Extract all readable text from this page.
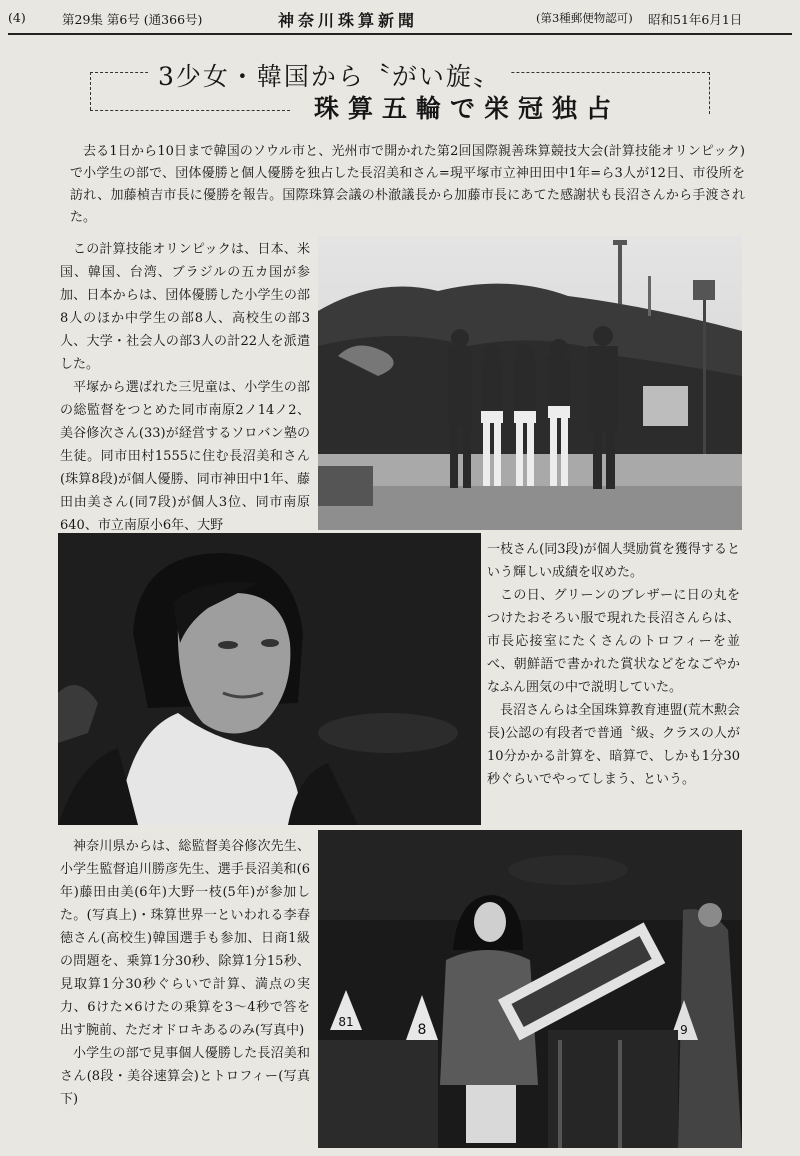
(4)	第29集 第6号 (通366号)	神奈川珠算新聞	(第3種郵便物認可) 昭和51年6月1日
3少女・韓国から〝がい旋〟
珠算五輪で栄冠独占
去る1日から10日まで韓国のソウル市と、光州市で開かれた第2回国際親善珠算競技大会(計算技能オリンピック)で小学生の部で、団体優勝と個人優勝を独占した長沼美和さん=現平塚市立神田田中1年=ら3人が12日、市役所を訪れ、加藤楨吉市長に優勝を報告。国際珠算会議の朴澈議長から加藤市長にあてた感謝状も長沼さんから手渡された。

この計算技能オリンピックは、日本、米国、韓国、台湾、ブラジルの五カ国が参加、日本からは、団体優勝した小学生の部8人のほか中学生の部8人、高校生の部3人、大学・社会人の部3人の計22人を派遣した。

平塚から選ばれた三児童は、小学生の部の総監督をつとめた同市南原2ノ14ノ2、美谷修次さん(33)が経営するソロバン塾の生徒。同市田村1555に住む長沼美和さん(珠算8段)が個人優勝、同市神田中1年、藤田由美さん(同7段)が個人3位、同市南原640、市立南原小6年、大野

一枝さん(同3段)が個人奨励賞を獲得するという輝しい成績を収めた。

この日、グリーンのブレザーに日の丸をつけたおそろい服で現れた長沼さんらは、市長応接室にたくさんのトロフィーを並べ、朝鮮語で書かれた賞状などをなごやかなふん囲気の中で説明していた。

長沼さんらは全国珠算教育連盟(荒木勲会長)公認の有段者で普通〝級〟クラスの人が10分かかる計算を、暗算で、しかも1分30秒ぐらいでやってしまう、という。

神奈川県からは、総監督美谷修次先生、小学生監督追川勝彦先生、選手長沼美和(6年)藤田由美(6年)大野一枝(5年)が参加した。(写真上)・珠算世界一といわれる李春徳さん(高校生)韓国選手も参加、日商1級の問題を、乗算1分30秒、除算1分15秒、見取算1分30秒ぐらいで計算、満点の実力、6けた×6けたの乗算を3〜4秒で答を出す腕前、ただオドロキあるのみ(写真中)

小学生の部で見事個人優勝した長沼美和さん(8段・美谷速算会)とトロフィー(写真下)

81	8	9
